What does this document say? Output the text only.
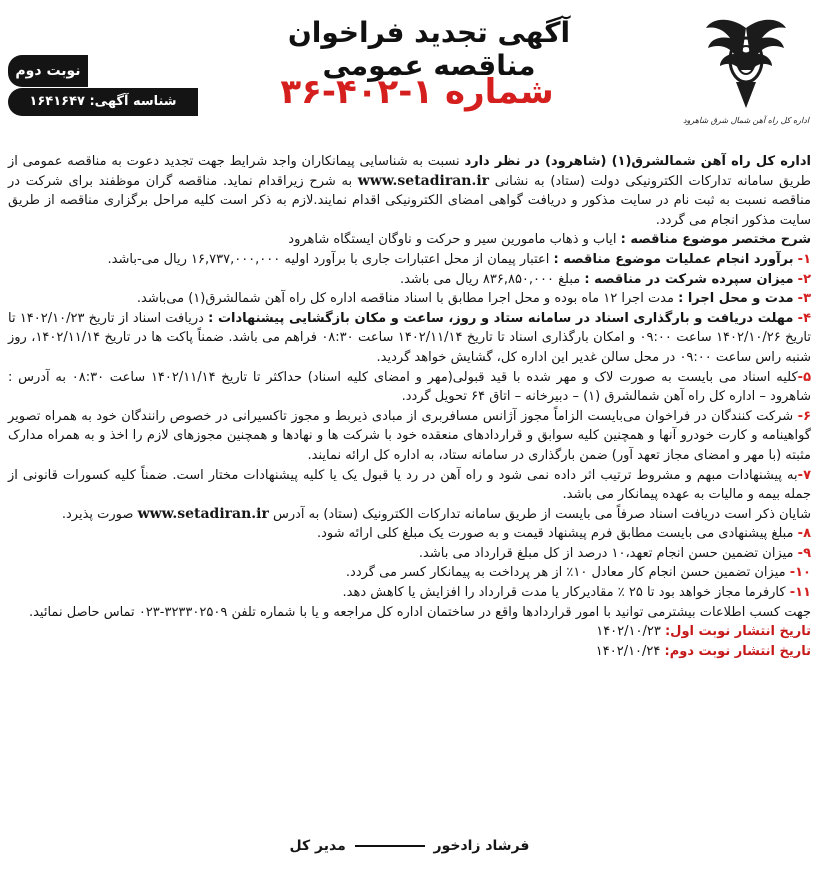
اداره کل راه آهن شمال شرق شاهرود
آگهی تجدید فراخوان مناقصه عمومی
شماره ۱-۴۰۲-۳۶
نوبت دوم
شناسه آگهی: ۱۶۴۱۶۴۷

اداره کل راه آهن شمالشرق(۱) (شاهرود) در نظر دارد نسبت به شناسایی پیمانکاران واجد شرایط جهت تجدید دعوت به مناقصه عمومی از طریق سامانه تدارکات الکترونیکی دولت (ستاد) به نشانی www.setadiran.ir به شرح زیراقدام نماید. مناقصه گران موظفند برای شرکت در مناقصه نسبت به ثبت نام در سایت مذکور و دریافت گواهی امضای الکترونیکی اقدام نمایند.لازم به ذکر است کلیه مراحل برگزاری مناقصه از طریق سایت مذکور انجام می گردد.

شرح مختصر موضوع مناقصه : ایاب و ذهاب مامورین سیر و حرکت و ناوگان ایستگاه شاهرود

۱- برآورد انجام عملیات موضوع مناقصه : اعتبار پیمان از محل اعتبارات جاری با برآورد اولیه ۱۶,۷۳۷,۰۰۰,۰۰۰ ریال می-باشد.

۲- میزان سپرده شرکت در مناقصه : مبلغ ۸۳۶,۸۵۰,۰۰۰ ریال می باشد.

۳- مدت و محل اجرا : مدت اجرا ۱۲ ماه بوده و محل اجرا مطابق با اسناد مناقصه اداره کل راه آهن شمالشرق(۱) می‌باشد.

۴- مهلت دریافت و بارگذاری اسناد در سامانه ستاد و روز، ساعت و مکان بازگشایی پیشنهادات : دریافت اسناد از تاریخ ۱۴۰۲/۱۰/۲۳ تا تاریخ ۱۴۰۲/۱۰/۲۶ ساعت ۰۹:۰۰ و امکان بارگذاری اسناد تا تاریخ ۱۴۰۲/۱۱/۱۴ ساعت ۰۸:۳۰ فراهم می باشد. ضمناً پاکت ها در تاریخ ۱۴۰۲/۱۱/۱۴، روز شنبه راس ساعت ۰۹:۰۰ در محل سالن غدیر این اداره کل، گشایش خواهد گردید.

۵-کلیه اسناد می بایست به صورت لاک و مهر شده با قید قبولی(مهر و امضای کلیه اسناد) حداکثر تا تاریخ ۱۴۰۲/۱۱/۱۴ ساعت ۰۸:۳۰ به آدرس : شاهرود – اداره کل راه آهن شمالشرق (۱) – دبیرخانه – اتاق ۶۴ تحویل گردد.

۶- شرکت کنندگان در فراخوان می‌بایست الزاماً مجوز آژانس مسافربری از مبادی ذیربط و مجوز تاکسیرانی در خصوص رانندگان خود به همراه تصویر گواهینامه و کارت خودرو آنها و همچنین کلیه سوابق و قراردادهای منعقده خود با شرکت ها و نهادها و همچنین مجوزهای لازم را اخذ و به همراه مدارک مثبته (با مهر و امضای مجاز تعهد آور) ضمن بارگذاری در سامانه ستاد، به اداره کل ارائه نمایند.

۷-به پیشنهادات مبهم و مشروط ترتیب اثر داده نمی شود و راه آهن در رد یا قبول یک یا کلیه پیشنهادات مختار است. ضمناً کلیه کسورات قانونی از جمله بیمه و مالیات به عهده پیمانکار می باشد.

شایان ذکر است دریافت اسناد صرفاً می بایست از طریق سامانه تدارکات الکترونیک (ستاد) به آدرس www.setadiran.ir صورت پذیرد.

۸- مبلغ پیشنهادی می بایست مطابق فرم پیشنهاد قیمت و به صورت یک مبلغ کلی ارائه شود.

۹- میزان تضمین حسن انجام تعهد،۱۰ درصد از کل مبلغ قرارداد می باشد.

۱۰- میزان تضمین حسن انجام کار معادل ۱۰٪ از هر پرداخت به پیمانکار کسر می گردد.

۱۱- کارفرما مجاز خواهد بود تا ۲۵ ٪ مقادیرکار یا مدت قرارداد را افزایش یا کاهش دهد.

جهت کسب اطلاعات بیشترمی توانید با امور قراردادها واقع در ساختمان اداره کل مراجعه و یا با شماره تلفن ۳۲۳۳۰۲۵۰۹-۰۲۳ تماس حاصل نمائید.

تاریخ انتشار نوبت اول: ۱۴۰۲/۱۰/۲۳

تاریخ انتشار نوبت دوم: ۱۴۰۲/۱۰/۲۴

فرشاد زادخور  مدیر کل
